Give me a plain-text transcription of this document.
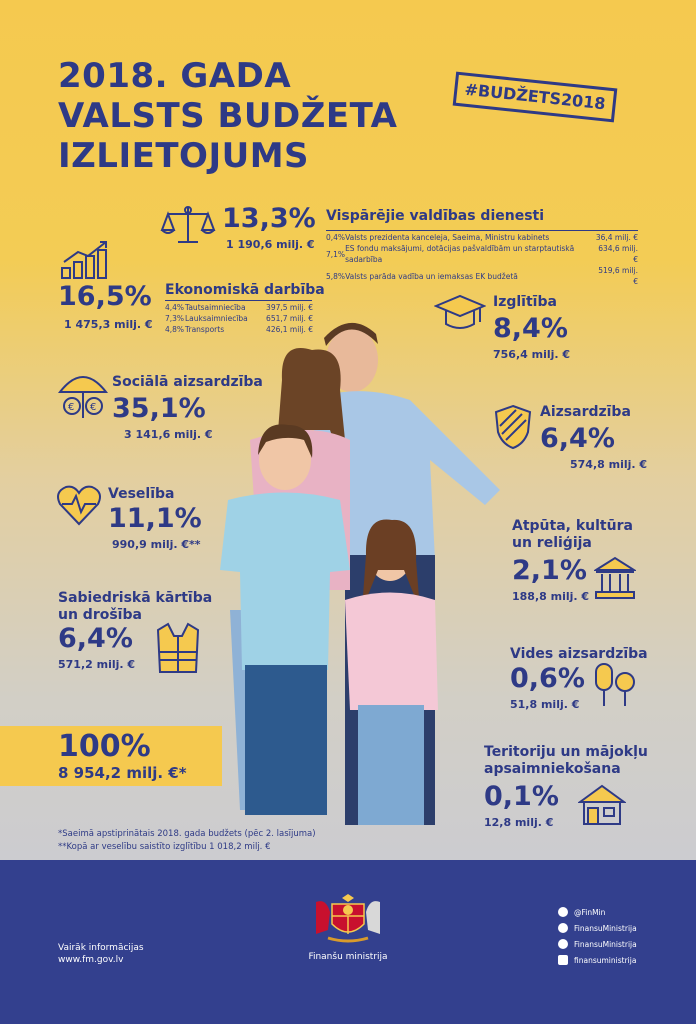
2018. GADA
VALSTS BUDŽETA
IZLIETOJUMS
#BUDŽETS2018
13,3%
1 190,6 milj. €
Vispārējie valdības dienesti
0,4%	Valsts prezidenta kanceleja, Saeima, Ministru kabinets	36,4 milj. €
7,1%	ES fondu maksājumi, dotācijas pašvaldībām un starptautiskā sadarbība	634,6 milj. €
5,8%	Valsts parāda vadība un iemaksas EK budžetā	519,6 milj. €
16,5%
1 475,3 milj. €
Ekonomiskā darbība
4,4%	Tautsaimniecība	397,5 milj. €
7,3%	Lauksaimniecība	651,7 milj. €
4,8%	Transports	426,1 milj. €
Izglītība
8,4%
756,4 milj. €
€ €
Sociālā aizsardzība
35,1%
3 141,6 milj. €
Aizsardzība
6,4%
574,8 milj. €
Veselība
11,1%
990,9 milj. €**
Atpūta, kultūra
un reliģija
2,1%
188,8 milj. €
Sabiedriskā kārtība
un drošība
6,4%
571,2 milj. €
Vides aizsardzība
0,6%
51,8 milj. €
100%
8 954,2 milj. €*
Teritoriju un mājokļu
apsaimniekošana
0,1%
12,8 milj. €
*Saeimā apstiprinātais 2018. gada budžets (pēc 2. lasījuma)
**Kopā ar veselību saistīto izglītību 1 018,2 milj. €
Vairāk informācijas
www.fm.gov.lv	Finanšu ministrija
@FinMin
FinansuMinistrija
FinansuMinistrija
finansuministrija
